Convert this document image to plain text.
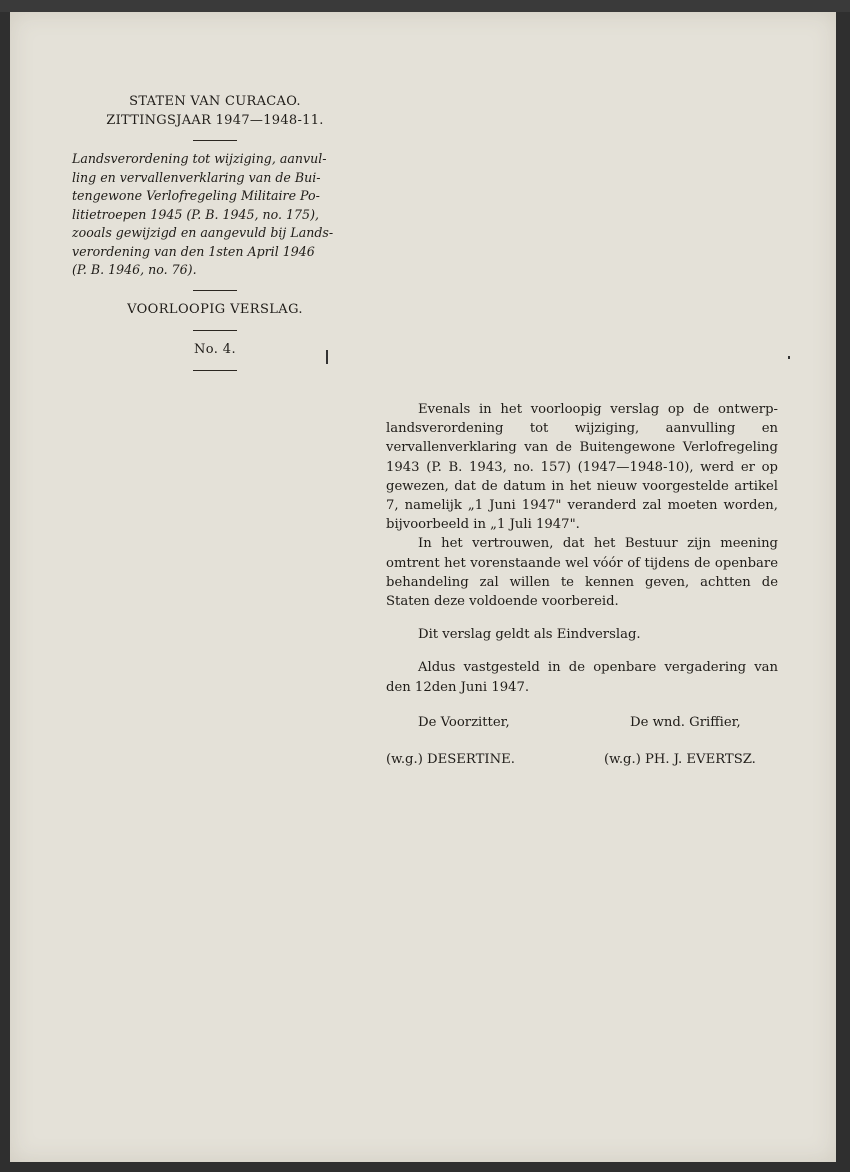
STATEN VAN CURACAO.
ZITTINGSJAAR 1947—1948-11.
Landsverordening tot wijziging, aanvul-
ling en vervallenverklaring van de Bui-
tengewone Verlofregeling Militaire Po-
litietroepen 1945 (P. B. 1945, no. 175),
zooals gewijzigd en aangevuld bij Lands-
verordening van den 1sten April 1946
(P. B. 1946, no. 76).
VOORLOOPIG VERSLAG.
No. 4.

Evenals in het voorloopig verslag op de ontwerp-landsverordening tot wijziging, aanvulling en vervallenverklaring van de Buitengewone Verlofregeling 1943 (P. B. 1943, no. 157) (1947—1948-10), werd er op gewezen, dat de datum in het nieuw voorgestelde artikel 7, namelijk „1 Juni 1947" veranderd zal moeten worden, bijvoorbeeld in „1 Juli 1947".

In het vertrouwen, dat het Bestuur zijn meening omtrent het vorenstaande wel vóór of tijdens de openbare behandeling zal willen te kennen geven, achtten de Staten deze voldoende voorbereid.

Dit verslag geldt als Eindverslag.

Aldus vastgesteld in de openbare vergadering van den 12den Juni 1947.

De Voorzitter,	De wnd. Griffier,
(w.g.) DESERTINE.	(w.g.) PH. J. EVERTSZ.
